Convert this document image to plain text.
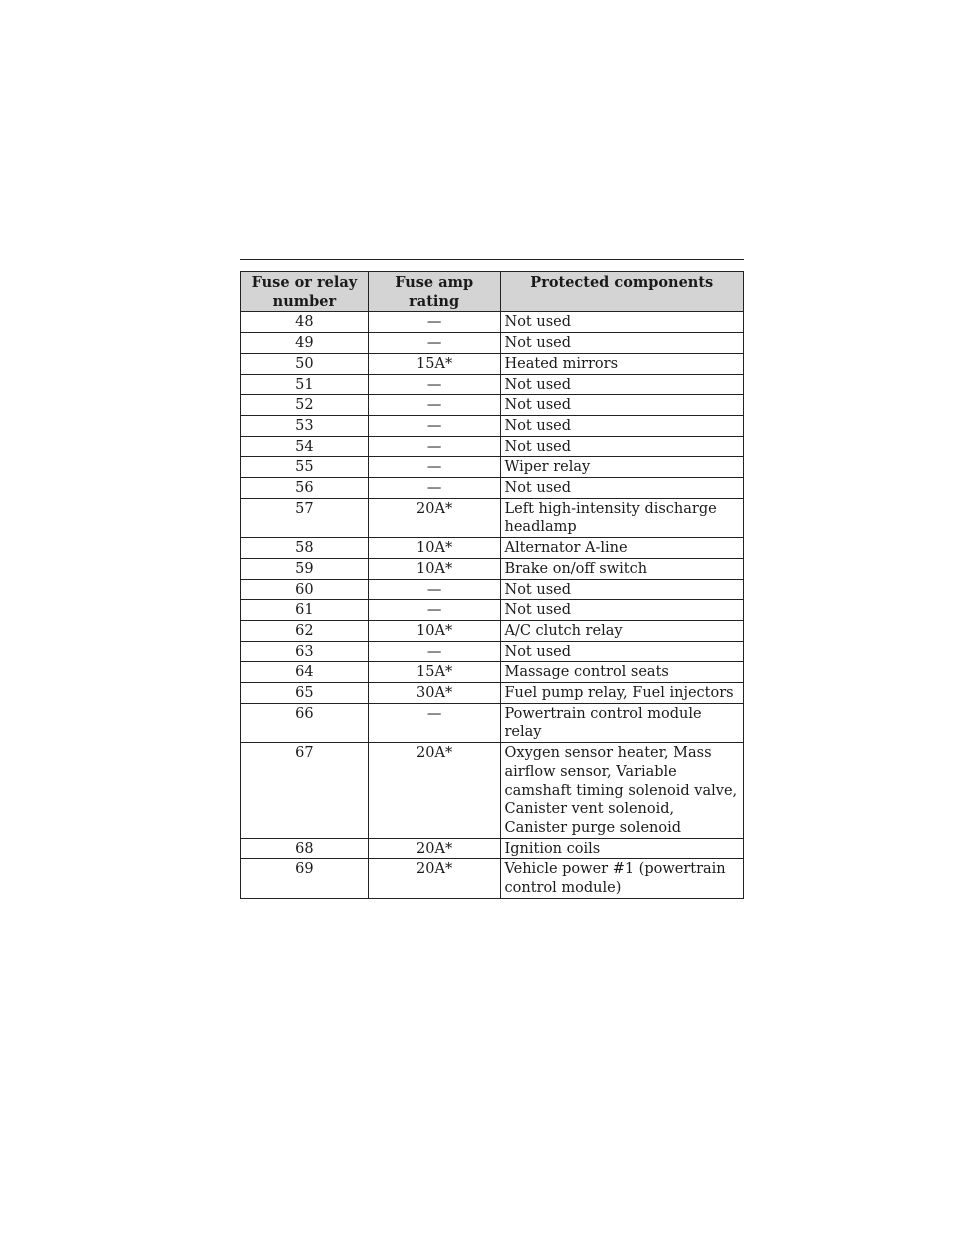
Fuse or relay number	Fuse amp rating	Protected components
48	—	Not used
49	—	Not used
50	15A*	Heated mirrors
51	—	Not used
52	—	Not used
53	—	Not used
54	—	Not used
55	—	Wiper relay
56	—	Not used
57	20A*	Left high-intensity discharge headlamp
58	10A*	Alternator A-line
59	10A*	Brake on/off switch
60	—	Not used
61	—	Not used
62	10A*	A/C clutch relay
63	—	Not used
64	15A*	Massage control seats
65	30A*	Fuel pump relay, Fuel injectors
66	—	Powertrain control module relay
67	20A*	Oxygen sensor heater, Mass airflow sensor, Variable camshaft timing solenoid valve, Canister vent solenoid, Canister purge solenoid
68	20A*	Ignition coils
69	20A*	Vehicle power #1 (powertrain control module)
